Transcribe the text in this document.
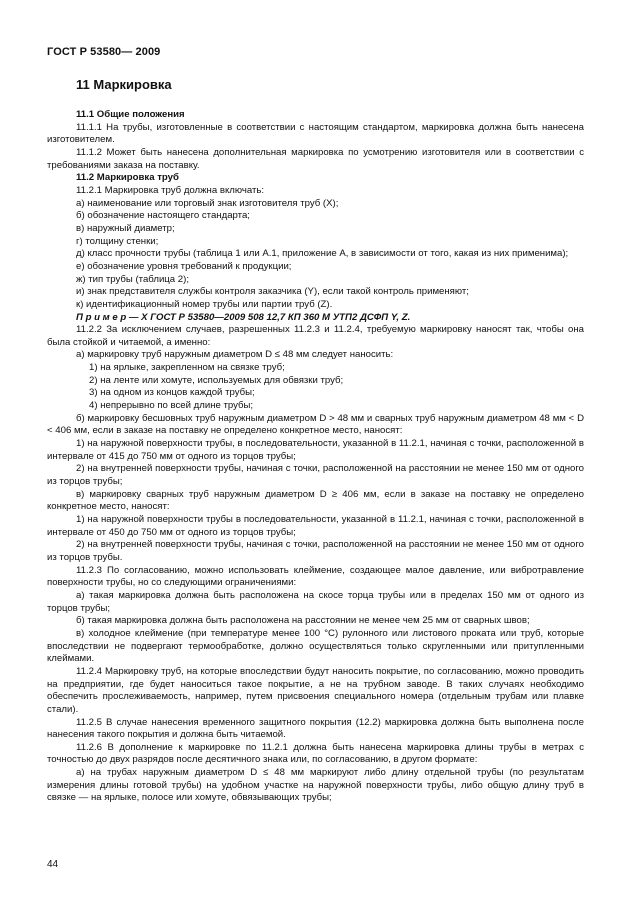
ГОСТ Р 53580— 2009
11 Маркировка

11.1 Общие положения

11.1.1 На трубы, изготовленные в соответствии с настоящим стандартом, маркировка должна быть нанесена изготовителем.

11.1.2 Может быть нанесена дополнительная маркировка по усмотрению изготовителя или в соответствии с требованиями заказа на поставку.

11.2 Маркировка труб

11.2.1 Маркировка труб должна включать:

а) наименование или торговый знак изготовителя труб (X);

б) обозначение настоящего стандарта;

в) наружный диаметр;

г) толщину стенки;

д) класс прочности трубы (таблица 1 или А.1, приложение А, в зависимости от того, какая из них применима);

е) обозначение уровня требований к продукции;

ж) тип трубы (таблица 2);

и) знак представителя службы контроля заказчика (Y), если такой контроль применяют;

к) идентификационный номер трубы или партии труб (Z).

П р и м е р — X ГОСТ Р 53580—2009 508 12,7 КП 360 М УТП2 ДСФП Y, Z.

11.2.2 За исключением случаев, разрешенных 11.2.3 и 11.2.4, требуемую маркировку наносят так, чтобы она была стойкой и читаемой, а именно:

а) маркировку труб наружным диаметром D ≤ 48 мм следует наносить:

1) на ярлыке, закрепленном на связке труб;

2) на ленте или хомуте, используемых для обвязки труб;

3) на одном из концов каждой трубы;

4) непрерывно по всей длине трубы;

б) маркировку бесшовных труб наружным диаметром D > 48 мм и сварных труб наружным диаметром 48 мм < D < 406 мм, если в заказе на поставку не определено конкретное место, наносят:

1) на наружной поверхности трубы, в последовательности, указанной в 11.2.1, начиная с точки, расположенной в интервале от 415 до 750 мм от одного из торцов трубы;

2) на внутренней поверхности трубы, начиная с точки, расположенной на расстоянии не менее 150 мм от одного из торцов трубы;

в) маркировку сварных труб наружным диаметром D ≥ 406 мм, если в заказе на поставку не определено конкретное место, наносят:

1) на наружной поверхности трубы в последовательности, указанной в 11.2.1, начиная с точки, расположенной в интервале от 450 до 750 мм от одного из торцов трубы;

2) на внутренней поверхности трубы, начиная с точки, расположенной на расстоянии не менее 150 мм от одного из торцов трубы.

11.2.3 По согласованию, можно использовать клеймение, создающее малое давление, или вибротравление поверхности трубы, но со следующими ограничениями:

а) такая маркировка должна быть расположена на скосе торца трубы или в пределах 150 мм от одного из торцов трубы;

б) такая маркировка должна быть расположена на расстоянии не менее чем 25 мм от сварных швов;

в) холодное клеймение (при температуре менее 100 °С) рулонного или листового проката или труб, которые впоследствии не подвергают термообработке, должно осуществляться только скругленными или притупленными клеймами.

11.2.4 Маркировку труб, на которые впоследствии будут наносить покрытие, по согласованию, можно проводить на предприятии, где будет наноситься такое покрытие, а не на трубном заводе. В таких случаях необходимо обеспечить прослеживаемость, например, путем присвоения специального номера (отдельным трубам или плавке стали).

11.2.5 В случае нанесения временного защитного покрытия (12.2) маркировка должна быть выполнена после нанесения такого покрытия и должна быть читаемой.

11.2.6 В дополнение к маркировке по 11.2.1 должна быть нанесена маркировка длины трубы в метрах с точностью до двух разрядов после десятичного знака или, по согласованию, в другом формате:

а) на трубах наружным диаметром D ≤ 48 мм маркируют либо длину отдельной трубы (по результатам измерения длины готовой трубы) на удобном участке на наружной поверхности трубы, либо общую длину труб в связке — на ярлыке, полосе или хомуте, обвязывающих трубы;

44
